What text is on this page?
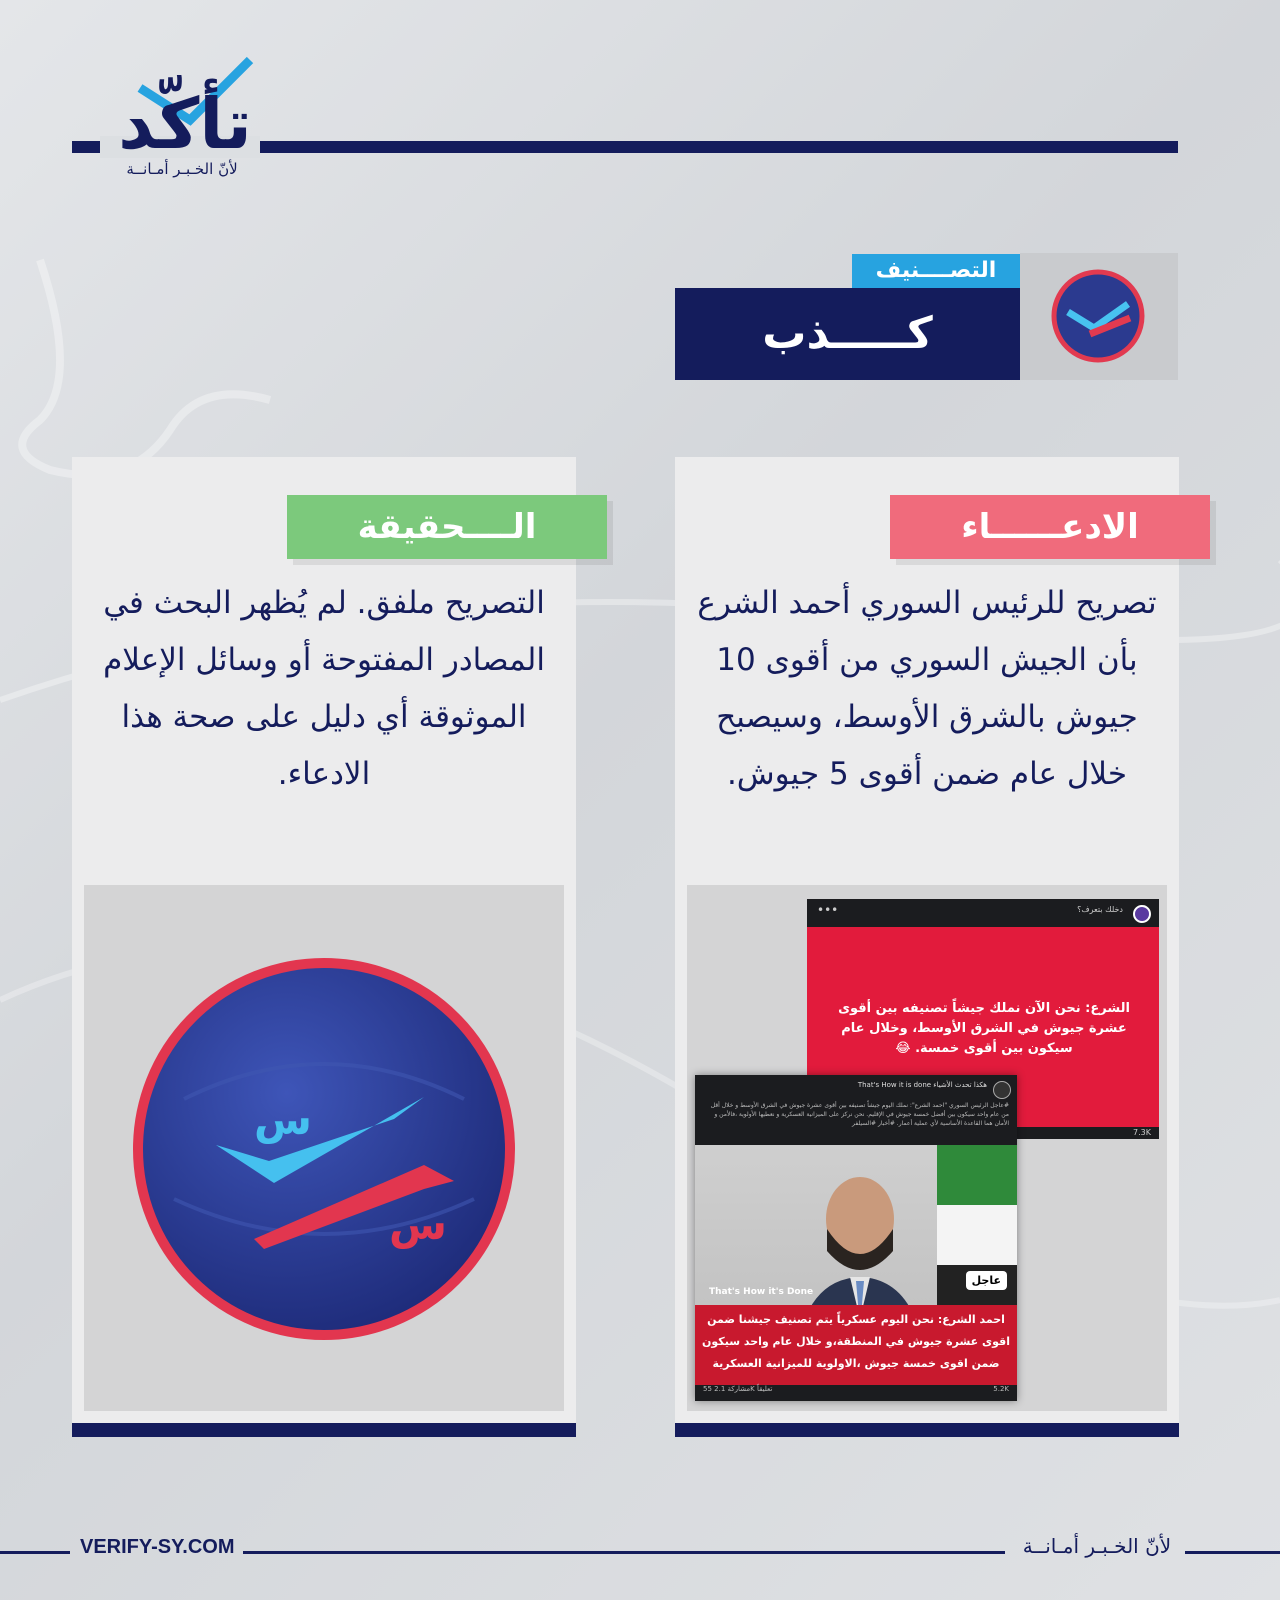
تأكّد
لأنّ الخـبـر أمـانــة
التصــــنيف
كـــــذب
الادعــــــاء
تصريح للرئيس السوري أحمد الشرع بأن الجيش السوري من أقوى 10 جيوش بالشرق الأوسط، وسيصبح خلال عام ضمن أقوى 5 جيوش.
دخلك بتعرف؟
•••
الشرع: نحن الآن نملك جيشاً تصنيفه بين أقوى عشرة جيوش في الشرق الأوسط، وخلال عام سيكون بين أقوى خمسة. 😂
7.3K
That's How it is done هكذا تحدث الأشياء
#عاجل الرئيس السوري "احمد الشرع": نملك اليوم جيشاً تصنيفه بين أقوى عشرة جيوش في الشرق الأوسط و خلال أقل من عام واحد سيكون بين أفضل خمسة جيوش في الإقليم. نحن نركز على الميزانية العسكرية و نعطيها الأولوية ،فالأمن و الأمان هما القاعدة الأساسية لأي عملية أعمار. #أخبار #السيلفر
That's How it's Done
عاجل
احمد الشرع: نحن اليوم عسكرياً يتم تصنيف جيشنا ضمن اقوى عشرة جيوش في المنطقة،و خلال عام واحد سيكون ضمن اقوى خمسة جيوش ،الاولوية للميزانية العسكرية
55 مشاركة 2.1K تعليقاً	5.2K
الــــحقيقة
التصريح ملفق. لم يُظهر البحث في المصادر المفتوحة أو وسائل الإعلام الموثوقة أي دليل على صحة هذا الادعاء.
س
س
VERIFY-SY.COM	لأنّ الخـبـر أمـانــة
